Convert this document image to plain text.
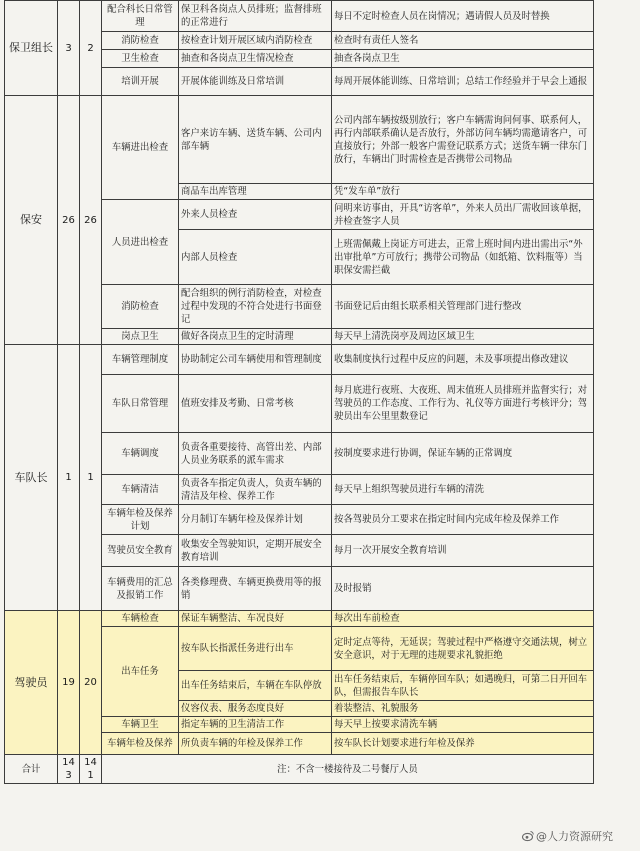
保卫组长	3	2	配合科长日常管理	保卫科各岗点人员排班；监督排班的正常进行	每日不定时检查人员在岗情况；遇请假人员及时替换
			消防检查	按检查计划开展区域内消防检查	检查时有责任人签名
			卫生检查	抽查和各岗点卫生情况检查	抽查各岗点卫生
			培训开展	开展体能训练及日常培训	每周开展体能训练、日常培训；总结工作经验并于早会上通报
保安	26	26	车辆进出检查	客户来访车辆、送货车辆、公司内部车辆	公司内部车辆按级别放行；客户车辆需询问何事、联系何人，再行内部联系确认是否放行，外部访问车辆均需邀请客户，可直接放行；外部一般客户需登记联系方式；送货车辆一律东门放行，车辆出门时需检查是否携带公司物品
				商品车出库管理	凭“发车单”放行
			人员进出检查	外来人员检查	问明来访事由，开具“访客单”，外来人员出厂需收回该单据，并检查签字人员
				内部人员检查	上班需佩戴上岗证方可进去，正常上班时间内进出需出示“外出审批单”方可放行；携带公司物品（如纸箱、饮料瓶等）当职保安需拦截
			消防检查	配合组织的例行消防检查，对检查过程中发现的不符合处进行书面登记	书面登记后由组长联系相关管理部门进行整改
			岗点卫生	做好各岗点卫生的定时清理	每天早上清洗岗亭及周边区域卫生
车队长	1	1	车辆管理制度	协助制定公司车辆使用和管理制度	收集制度执行过程中反应的问题，未及事项提出修改建议
			车队日常管理	值班安排及考勤、日常考核	每月底进行夜班、大夜班、周末值班人员排班并监督实行；对驾驶员的工作态度、工作行为、礼仪等方面进行考核评分；驾驶员出车公里里数登记
			车辆调度	负责各重要接待、高管出差、内部人员业务联系的派车需求	按制度要求进行协调，保证车辆的正常调度
			车辆清洁	负责各车指定负责人，负责车辆的清洁及年检、保养工作	每天早上组织驾驶员进行车辆的清洗
			车辆年检及保养计划	分月制订车辆年检及保养计划	按各驾驶员分工要求在指定时间内完成年检及保养工作
			驾驶员安全教育	收集安全驾驶知识，定期开展安全教育培训	每月一次开展安全教育培训
			车辆费用的汇总及报销工作	各类修理费、车辆更换费用等的报销	及时报销
驾驶员	19	20	车辆检查	保证车辆整洁、车况良好	每次出车前检查
			出车任务	按车队长指派任务进行出车	定时定点等待，无延误；驾驶过程中严格遵守交通法规，树立安全意识，对于无理的违规要求礼貌拒绝
				出车任务结束后，车辆在车队停放	出车任务结束后，车辆停回车队；如遇晚归，可第二日开回车队，但需报告车队长
				仪容仪表、服务态度良好	着装整洁、礼貌服务
			车辆卫生	指定车辆的卫生清洁工作	每天早上按要求清洗车辆
			车辆年检及保养	所负责车辆的年检及保养工作	按车队长计划要求进行年检及保养
合计	143	141	注：不含一楼接待及二号餐厅人员		
@人力资源研究
